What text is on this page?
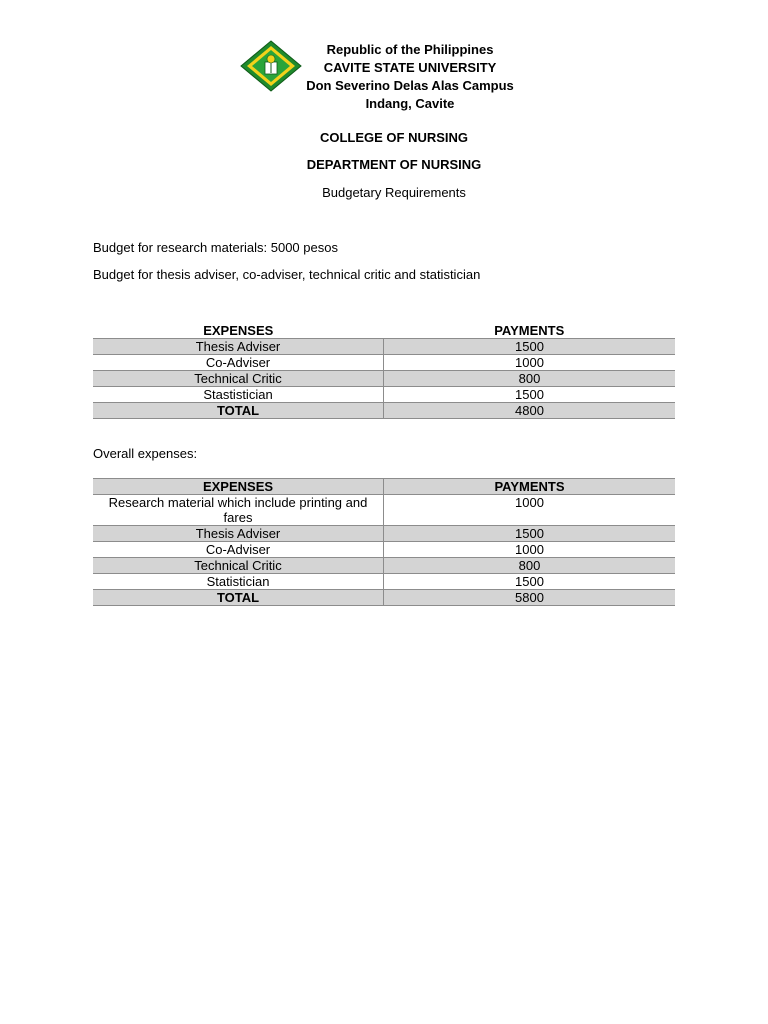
Republic of the Philippines
CAVITE STATE UNIVERSITY
Don Severino Delas Alas Campus
Indang, Cavite
COLLEGE OF NURSING
DEPARTMENT OF NURSING
Budgetary Requirements
Budget for research materials: 5000 pesos
Budget for thesis adviser, co-adviser, technical critic and statistician
EXPENSES	PAYMENTS
Thesis Adviser	1500
Co-Adviser	1000
Technical Critic	800
Stastistician	1500
TOTAL	4800
Overall expenses:
EXPENSES	PAYMENTS
Research material which include printing and fares	1000
Thesis Adviser	1500
Co-Adviser	1000
Technical Critic	800
Statistician	1500
TOTAL	5800
